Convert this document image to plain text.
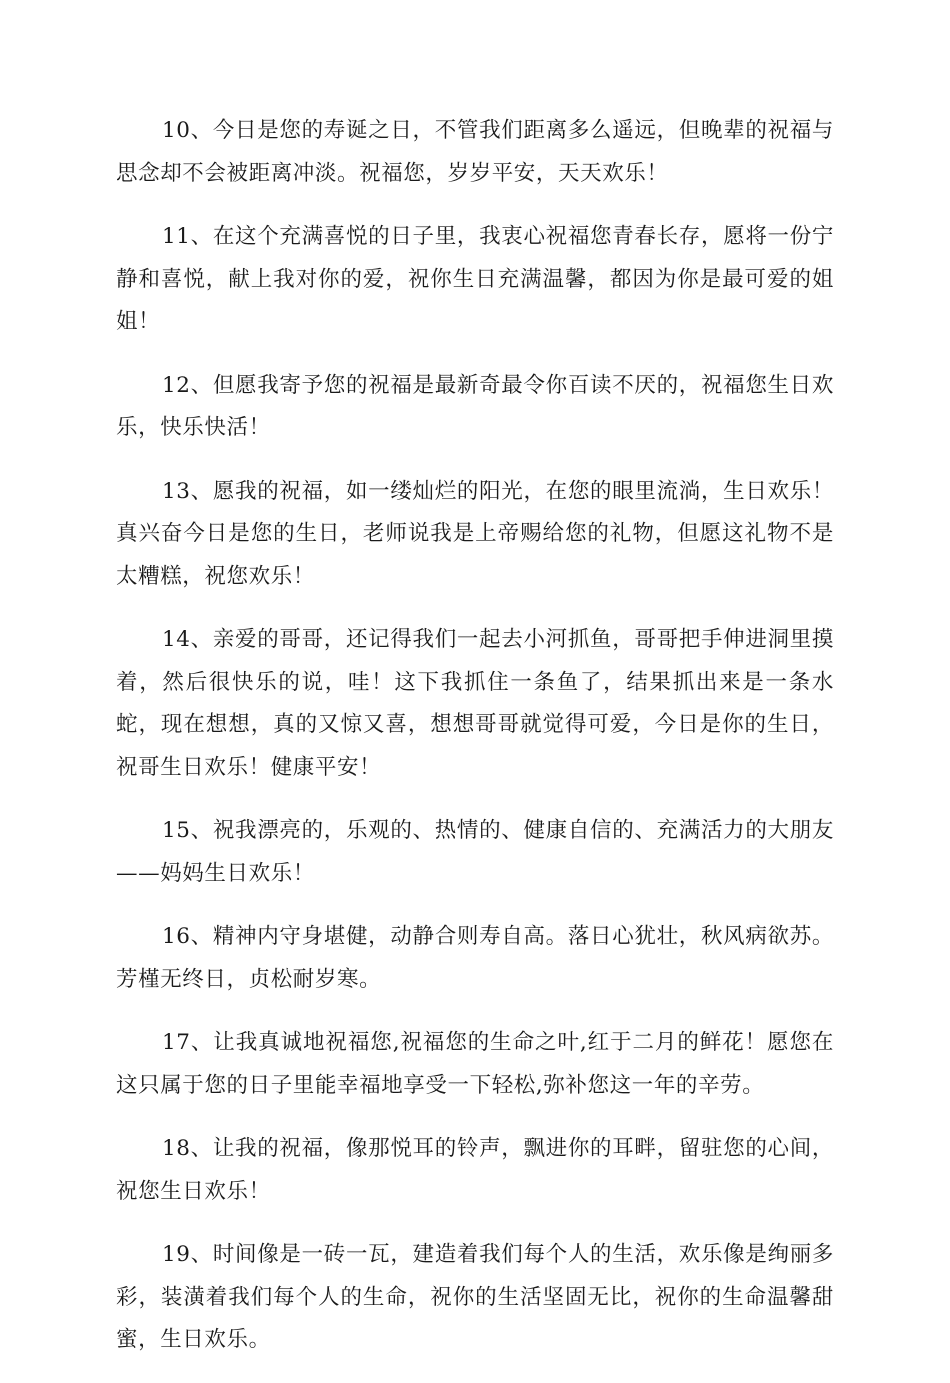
10、今日是您的寿诞之日，不管我们距离多么遥远，但晚辈的祝福与思念却不会被距离冲淡。祝福您，岁岁平安，天天欢乐！

11、在这个充满喜悦的日子里，我衷心祝福您青春长存，愿将一份宁静和喜悦，献上我对你的爱，祝你生日充满温馨，都因为你是最可爱的姐姐！

12、但愿我寄予您的祝福是最新奇最令你百读不厌的，祝福您生日欢乐，快乐快活！

13、愿我的祝福，如一缕灿烂的阳光，在您的眼里流淌，生日欢乐！真兴奋今日是您的生日，老师说我是上帝赐给您的礼物，但愿这礼物不是太糟糕，祝您欢乐！

14、亲爱的哥哥，还记得我们一起去小河抓鱼，哥哥把手伸进洞里摸着，然后很快乐的说，哇！这下我抓住一条鱼了，结果抓出来是一条水蛇，现在想想，真的又惊又喜，想想哥哥就觉得可爱，今日是你的生日，祝哥生日欢乐！健康平安！

15、祝我漂亮的，乐观的、热情的、健康自信的、充满活力的大朋友——妈妈生日欢乐！

16、精神内守身堪健，动静合则寿自高。落日心犹壮，秋风病欲苏。芳槿无终日，贞松耐岁寒。

17、让我真诚地祝福您,祝福您的生命之叶,红于二月的鲜花！愿您在这只属于您的日子里能幸福地享受一下轻松,弥补您这一年的辛劳。

18、让我的祝福，像那悦耳的铃声，飘进你的耳畔，留驻您的心间，祝您生日欢乐！

19、时间像是一砖一瓦，建造着我们每个人的生活，欢乐像是绚丽多彩，装潢着我们每个人的生命，祝你的生活坚固无比，祝你的生命温馨甜蜜，生日欢乐。
